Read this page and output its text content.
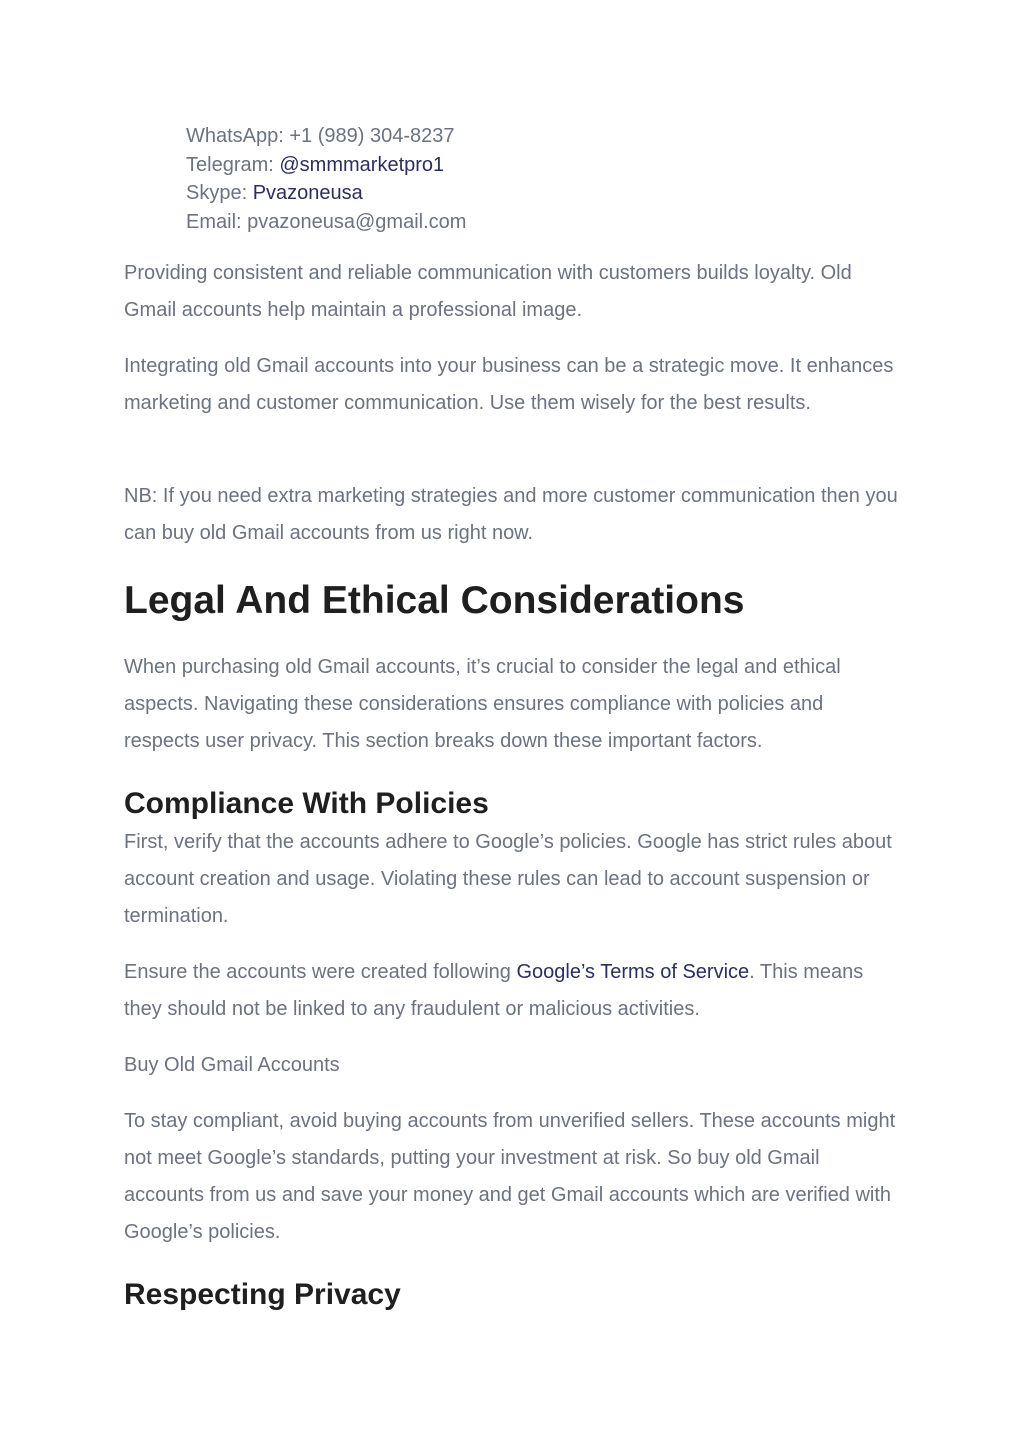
WhatsApp: +1 (989) 304-8237
Telegram: @smmmarketpro1
Skype: Pvazoneusa
Email: pvazoneusa@gmail.com

Providing consistent and reliable communication with customers builds loyalty. Old Gmail accounts help maintain a professional image.

Integrating old Gmail accounts into your business can be a strategic move. It enhances marketing and customer communication. Use them wisely for the best results.

NB: If you need extra marketing strategies and more customer communication then you can buy old Gmail accounts from us right now.

Legal And Ethical Considerations

When purchasing old Gmail accounts, it’s crucial to consider the legal and ethical aspects. Navigating these considerations ensures compliance with policies and respects user privacy. This section breaks down these important factors.

Compliance With Policies

First, verify that the accounts adhere to Google’s policies. Google has strict rules about account creation and usage. Violating these rules can lead to account suspension or termination.

Ensure the accounts were created following Google’s Terms of Service. This means they should not be linked to any fraudulent or malicious activities.

Buy Old Gmail Accounts

To stay compliant, avoid buying accounts from unverified sellers. These accounts might not meet Google’s standards, putting your investment at risk. So buy old Gmail accounts from us and save your money and get Gmail accounts which are verified with Google’s policies.

Respecting Privacy
